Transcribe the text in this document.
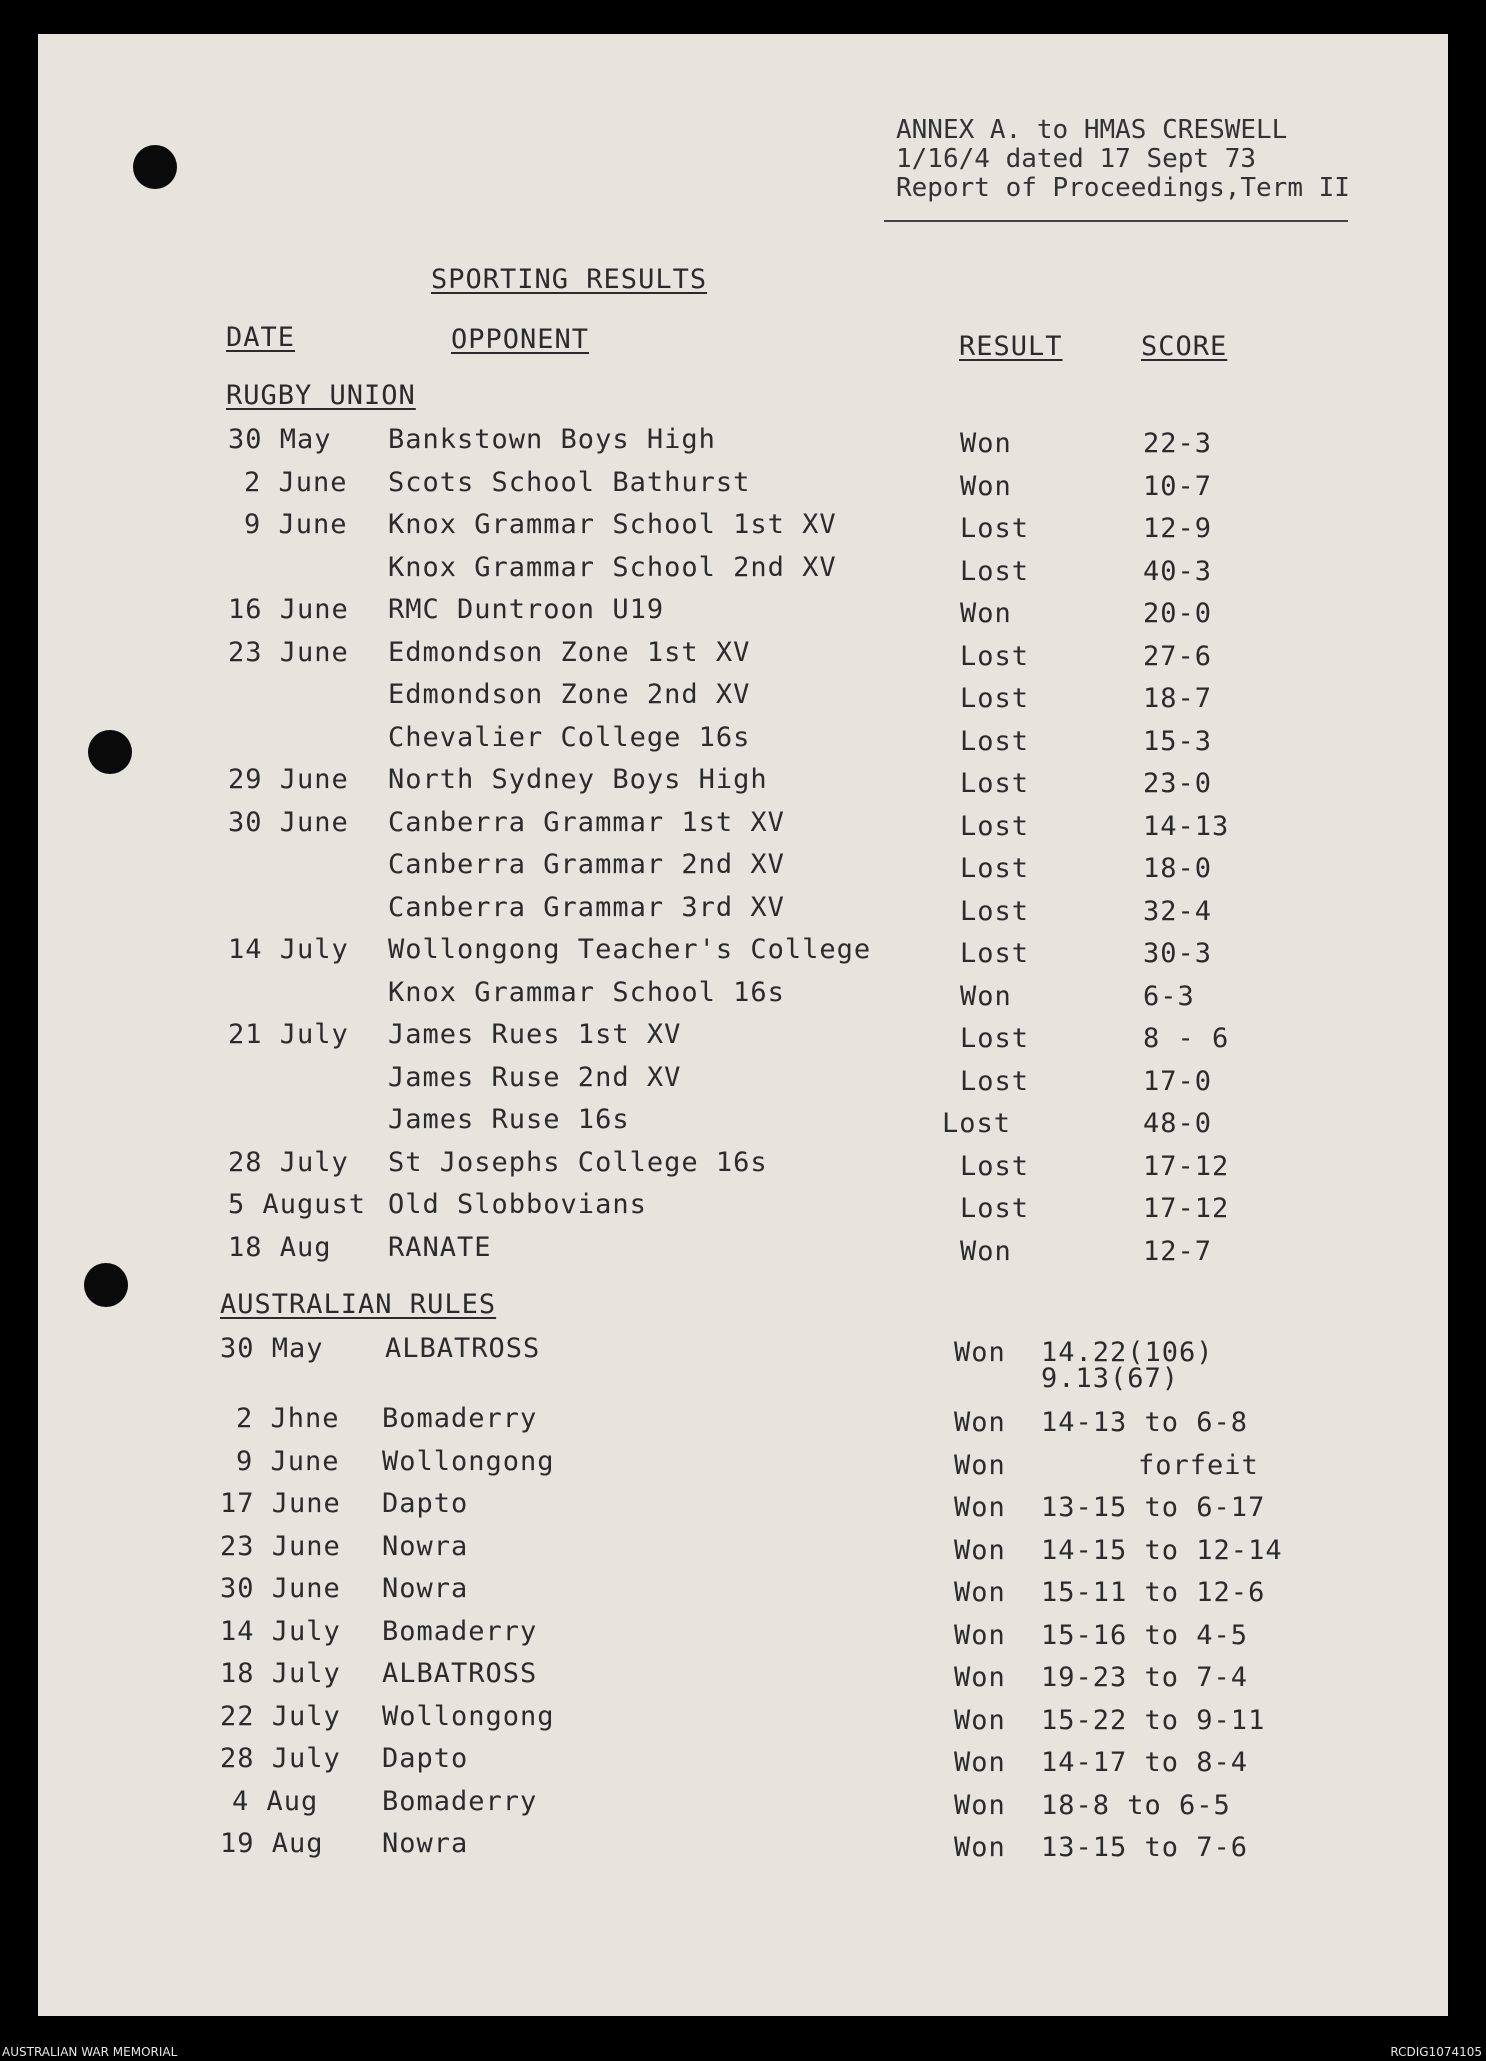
ANNEX A. to HMAS CRESWELL
1/16/4 dated 17 Sept 73
Report of Proceedings,Term II
SPORTING RESULTS
DATE	OPPONENT	RESULT	SCORE
RUGBY UNION
30 May Bankstown Boys High	Won	22-3
2 June Scots School Bathurst	Won	10-7
9 June Knox Grammar School 1st XV	Lost	12-9
Knox Grammar School 2nd XV	Lost	40-3
16 June RMC Duntroon U19	Won	20-0
23 June Edmondson Zone 1st XV	Lost	27-6
Edmondson Zone 2nd XV	Lost	18-7
Chevalier College 16s	Lost	15-3
29 June North Sydney Boys High	Lost	23-0
30 June Canberra Grammar 1st XV	Lost	14-13
Canberra Grammar 2nd XV	Lost	18-0
Canberra Grammar 3rd XV	Lost	32-4
14 July Wollongong Teacher's College	Lost	30-3
Knox Grammar School 16s	Won	6-3
21 July James Rues 1st XV	Lost	8 - 6
James Ruse 2nd XV	Lost	17-0
James Ruse 16s	Lost	48-0
28 July St Josephs College 16s	Lost	17-12
5 August Old Slobbovians	Lost	17-12
18 Aug RANATE	Won	12-7
AUSTRALIAN RULES
30 May ALBATROSS	Won 14.22(106)
9.13(67)
2 Jhne Bomaderry	Won 14-13 to 6-8
9 June Wollongong	Won	forfeit
17 June Dapto	Won 13-15 to 6-17
23 June Nowra	Won 14-15 to 12-14
30 June Nowra	Won 15-11 to 12-6
14 July Bomaderry	Won 15-16 to 4-5
18 July ALBATROSS	Won 19-23 to 7-4
22 July Wollongong	Won 15-22 to 9-11
28 July Dapto	Won 14-17 to 8-4
4 Aug Bomaderry	Won 18-8 to 6-5
19 Aug Nowra	Won 13-15 to 7-6
AUSTRALIAN WAR MEMORIAL	RCDIG1074105
